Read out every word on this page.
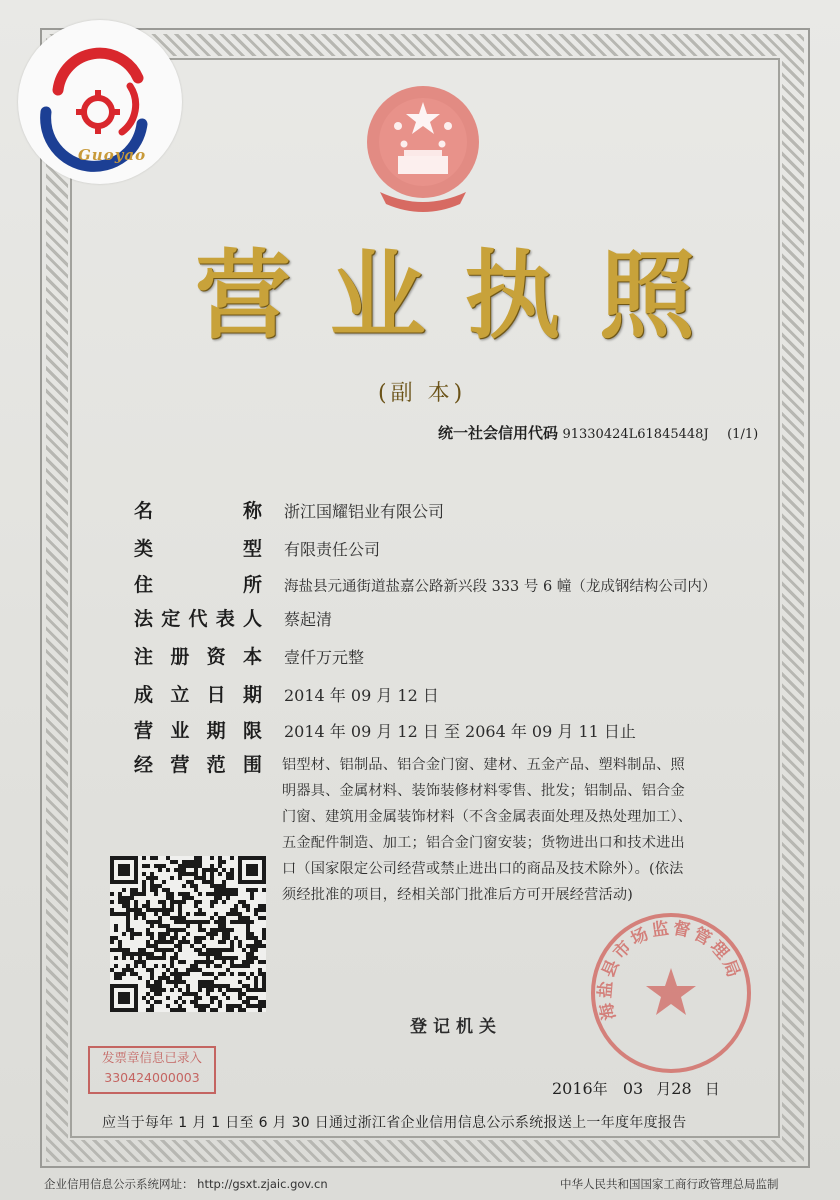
Guoyao
营 业 执 照
(副 本)
统一社会信用代码 91330424L61845448J (1/1)
名	称 浙江国耀铝业有限公司
类	型 有限责任公司
住	所 海盐县元通街道盐嘉公路新兴段 333 号 6 幢（龙成钢结构公司内）
法 定 代 表 人 蔡起清
注 册 资 本 壹仟万元整
成 立 日 期 2014 年 09 月 12 日
营 业 期 限 2014 年 09 月 12 日 至 2064 年 09 月 11 日止
经 营 范 围 铝型材、铝制品、铝合金门窗、建材、五金产品、塑料制品、照
明器具、金属材料、装饰装修材料零售、批发；铝制品、铝合金
门窗、建筑用金属装饰材料（不含金属表面处理及热处理加工）、
五金配件制造、加工；铝合金门窗安装；货物进出口和技术进出
口（国家限定公司经营或禁止进出口的商品及技术除外）。(依法
须经批准的项目，经相关部门批准后方可开展经营活动)
登记机关
海盐县市场监督管理局
发票章信息已录入
330424000003
2016年 03 月28 日
应当于每年 1 月 1 日至 6 月 30 日通过浙江省企业信用信息公示系统报送上一年度年度报告
企业信用信息公示系统网址： http://gsxt.zjaic.gov.cn	中华人民共和国国家工商行政管理总局监制
